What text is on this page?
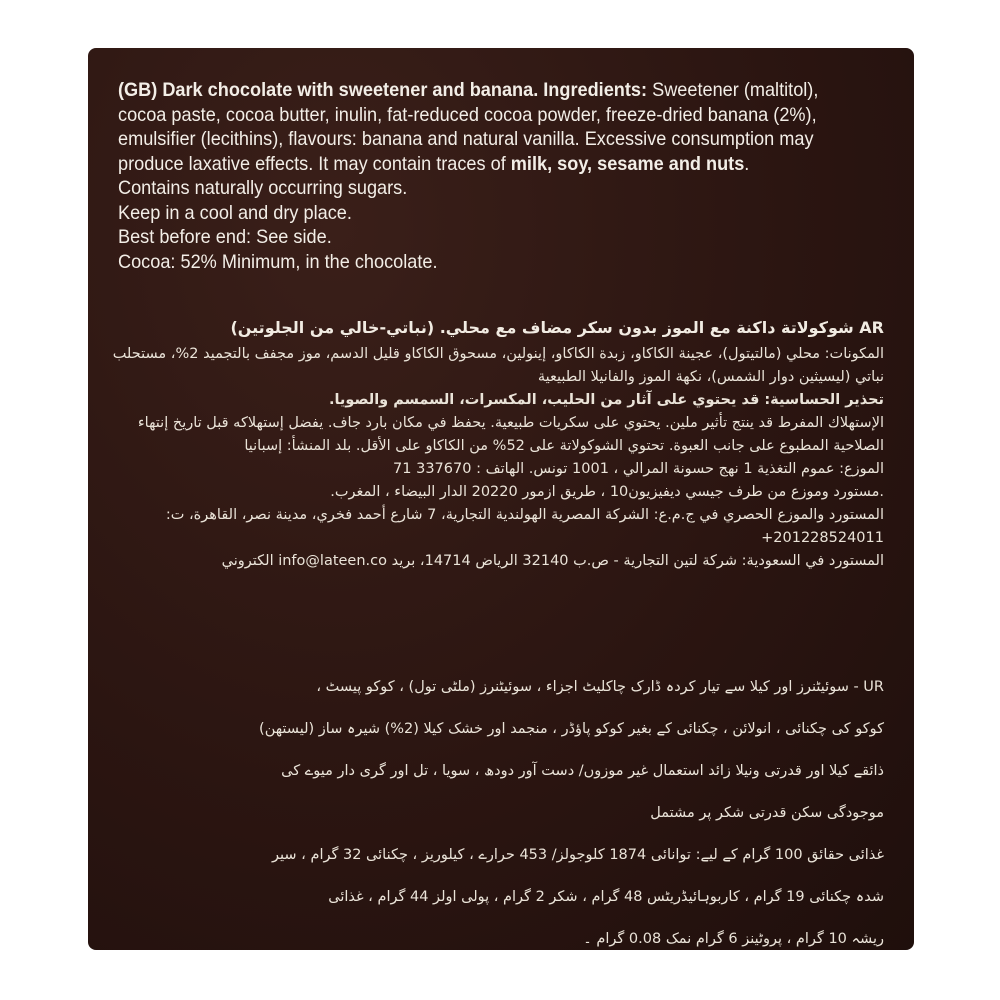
(GB) Dark chocolate with sweetener and banana. Ingredients: Sweetener (maltitol), cocoa paste, cocoa butter, inulin, fat-reduced cocoa powder, freeze-dried banana (2%), emulsifier (lecithins), flavours: banana and natural vanilla. Excessive consumption may produce laxative effects. It may contain traces of milk, soy, sesame and nuts.

Contains naturally occurring sugars.

Keep in a cool and dry place.

Best before end: See side.

Cocoa: 52% Minimum, in the chocolate.

AR شوكولاتة داكنة مع الموز بدون سكر مضاف مع محلي. (نباتي-خالي من الجلوتين)

المكونات: محلي (مالتيتول)، عجينة الكاكاو، زبدة الكاكاو، إينولين، مسحوق الكاكاو قليل الدسم، موز مجفف بالتجميد 2%، مستحلب نباتي (ليسيثين دوار الشمس)، نكهة الموز والفانيلا الطبيعية

تحذير الحساسية: قد يحتوي على آثار من الحليب، المكسرات، السمسم والصويا.

الإستهلاك المفرط قد ينتج تأثير ملين. يحتوي على سكريات طبيعية. يحفظ في مكان بارد جاف. يفضل إستهلاكه قبل تاريخ إنتهاء الصلاحية المطبوع على جانب العبوة. تحتوي الشوكولاتة على 52% من الكاكاو على الأقل. بلد المنشأ: إسبانيا

الموزع: عموم التغذية 1 نهج حسونة المرالي ، 1001 تونس. الهاتف : 337670 71

.مستورد وموزع من طرف جيسي ديفيزيون10 ، طريق ازمور 20220 الدار البيضاء ، المغرب.

المستورد والموزع الحصري في ج.م.ع: الشركة المصرية الهولندية التجارية، 7 شارع أحمد فخري، مدينة نصر، القاهرة، ت: 201228524011+

المستورد في السعودية: شركة لتين التجارية - ص.ب 32140 الرياض 14714، بريد info@lateen.co الكتروني

UR - سوئیٹنرز اور کیلا سے تیار کردہ ڈارک چاکلیٹ اجزاء ، سوئیٹنرز (ملٹی تول) ، کوکو پیسٹ ،

کوکو کی چکنائی ، انولائن ، چکنائی کے بغیر کوکو پاؤڈر ، منجمد اور خشک کیلا (2%) شیرہ ساز (لیستھن)

ذائقے کیلا اور قدرتی ونیلا زائد استعمال غیر موزوں/ دست آور دودھ ، سویا ، تل اور گری دار میوے کی

موجودگی سکن قدرتی شکر پر مشتمل

غذائی حقائق 100 گرام کے لیے: توانائی 1874 کلوجولز/ 453 حرارے ، کیلوریز ، چکنائی 32 گرام ، سیر

شدہ چکنائی 19 گرام ، کاربوہائیڈریٹس 48 گرام ، شکر 2 گرام ، پولی اولز 44 گرام ، غذائی

ریشہ 10 گرام ، پروٹینز 6 گرام نمک 0.08 گرام ۔
